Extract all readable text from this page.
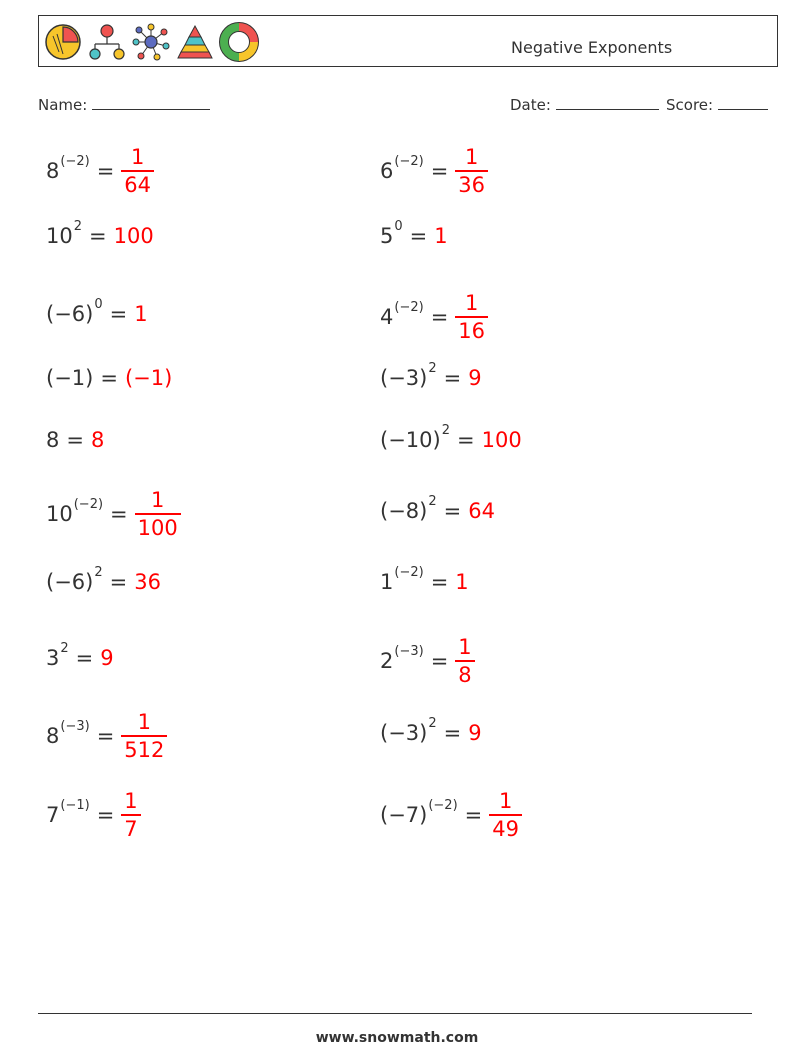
Negative Exponents
Name:	Date:	Score:
8 $(-2) = \frac{1}{64}$	6 $(-2) = \frac{1}{36}$
10 2 = 100	5 0 = 1
(−6) 0 = 1	4 $(-2) = \frac{1}{16}$
(−1) = (−1)	(−3) 2 = 9
8 = 8	(−10) 2 = 100
10 $(-2) = \frac{1}{100}$	(−8) 2 = 64
(−6) 2 = 36	1 (−2) = 1
3 2 = 9	2 $(-3) = \frac{1}{8}$
8 $(-3) = \frac{1}{512}$	(−3) 2 = 9
7 $(-1) = \frac{1}{7}$	(−7) $(-2) = \frac{1}{49}$
www.snowmath.com
